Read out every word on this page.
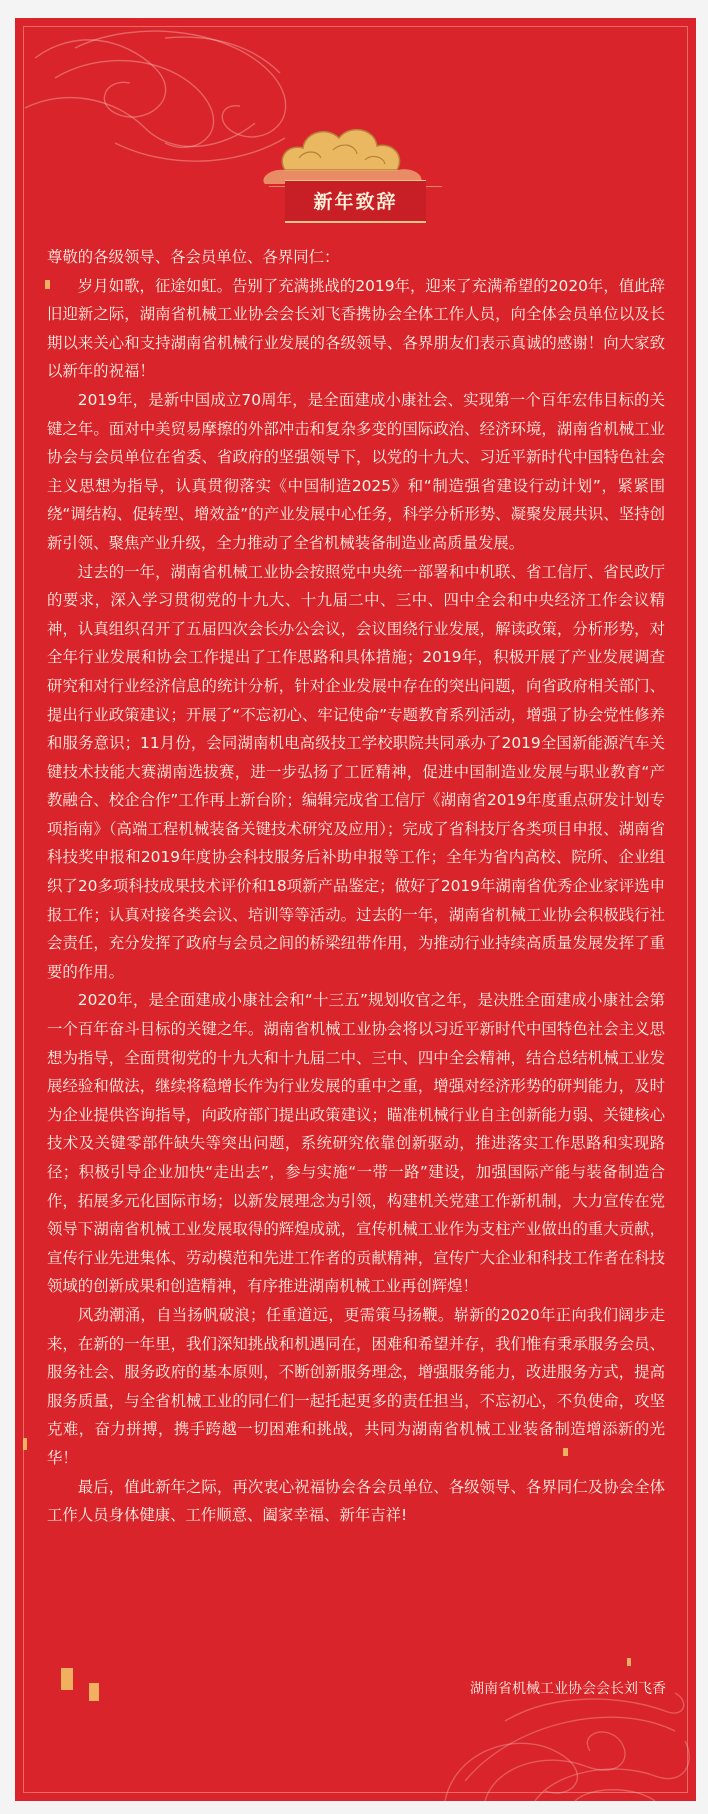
新年致辞

尊敬的各级领导、各会员单位、各界同仁：

岁月如歌，征途如虹。告别了充满挑战的2019年，迎来了充满希望的2020年，值此辞旧迎新之际，湖南省机械工业协会会长刘飞香携协会全体工作人员，向全体会员单位以及长期以来关心和支持湖南省机械行业发展的各级领导、各界朋友们表示真诚的感谢！向大家致以新年的祝福！

2019年，是新中国成立70周年，是全面建成小康社会、实现第一个百年宏伟目标的关键之年。面对中美贸易摩擦的外部冲击和复杂多变的国际政治、经济环境，湖南省机械工业协会与会员单位在省委、省政府的坚强领导下，以党的十九大、习近平新时代中国特色社会主义思想为指导，认真贯彻落实《中国制造2025》和“制造强省建设行动计划”，紧紧围绕“调结构、促转型、增效益”的产业发展中心任务，科学分析形势、凝聚发展共识、坚持创新引领、聚焦产业升级，全力推动了全省机械装备制造业高质量发展。

过去的一年，湖南省机械工业协会按照党中央统一部署和中机联、省工信厅、省民政厅的要求，深入学习贯彻党的十九大、十九届二中、三中、四中全会和中央经济工作会议精神，认真组织召开了五届四次会长办公会议，会议围绕行业发展，解读政策，分析形势，对全年行业发展和协会工作提出了工作思路和具体措施；2019年，积极开展了产业发展调查研究和对行业经济信息的统计分析，针对企业发展中存在的突出问题，向省政府相关部门、提出行业政策建议；开展了“不忘初心、牢记使命”专题教育系列活动，增强了协会党性修养和服务意识；11月份，会同湖南机电高级技工学校职院共同承办了2019全国新能源汽车关键技术技能大赛湖南选拔赛，进一步弘扬了工匠精神，促进中国制造业发展与职业教育“产教融合、校企合作”工作再上新台阶；编辑完成省工信厅《湖南省2019年度重点研发计划专项指南》（高端工程机械装备关键技术研究及应用）；完成了省科技厅各类项目申报、湖南省科技奖申报和2019年度协会科技服务后补助申报等工作；全年为省内高校、院所、企业组织了20多项科技成果技术评价和18项新产品鉴定；做好了2019年湖南省优秀企业家评选申报工作；认真对接各类会议、培训等等活动。过去的一年，湖南省机械工业协会积极践行社会责任，充分发挥了政府与会员之间的桥梁纽带作用，为推动行业持续高质量发展发挥了重要的作用。

2020年，是全面建成小康社会和“十三五”规划收官之年，是决胜全面建成小康社会第一个百年奋斗目标的关键之年。湖南省机械工业协会将以习近平新时代中国特色社会主义思想为指导，全面贯彻党的十九大和十九届二中、三中、四中全会精神，结合总结机械工业发展经验和做法，继续将稳增长作为行业发展的重中之重，增强对经济形势的研判能力，及时为企业提供咨询指导，向政府部门提出政策建议；瞄准机械行业自主创新能力弱、关键核心技术及关键零部件缺失等突出问题，系统研究依靠创新驱动，推进落实工作思路和实现路径；积极引导企业加快“走出去”，参与实施“一带一路”建设，加强国际产能与装备制造合作，拓展多元化国际市场；以新发展理念为引领，构建机关党建工作新机制，大力宣传在党领导下湖南省机械工业发展取得的辉煌成就，宣传机械工业作为支柱产业做出的重大贡献，宣传行业先进集体、劳动模范和先进工作者的贡献精神，宣传广大企业和科技工作者在科技领域的创新成果和创造精神，有序推进湖南机械工业再创辉煌！

风劲潮涌，自当扬帆破浪；任重道远，更需策马扬鞭。崭新的2020年正向我们阔步走来，在新的一年里，我们深知挑战和机遇同在，困难和希望并存，我们惟有秉承服务会员、服务社会、服务政府的基本原则，不断创新服务理念，增强服务能力，改进服务方式，提高服务质量，与全省机械工业的同仁们一起托起更多的责任担当，不忘初心，不负使命，攻坚克难，奋力拼搏，携手跨越一切困难和挑战，共同为湖南省机械工业装备制造增添新的光华！

最后，值此新年之际，再次衷心祝福协会各会员单位、各级领导、各界同仁及协会全体工作人员身体健康、工作顺意、阖家幸福、新年吉祥!

湖南省机械工业协会会长刘飞香
